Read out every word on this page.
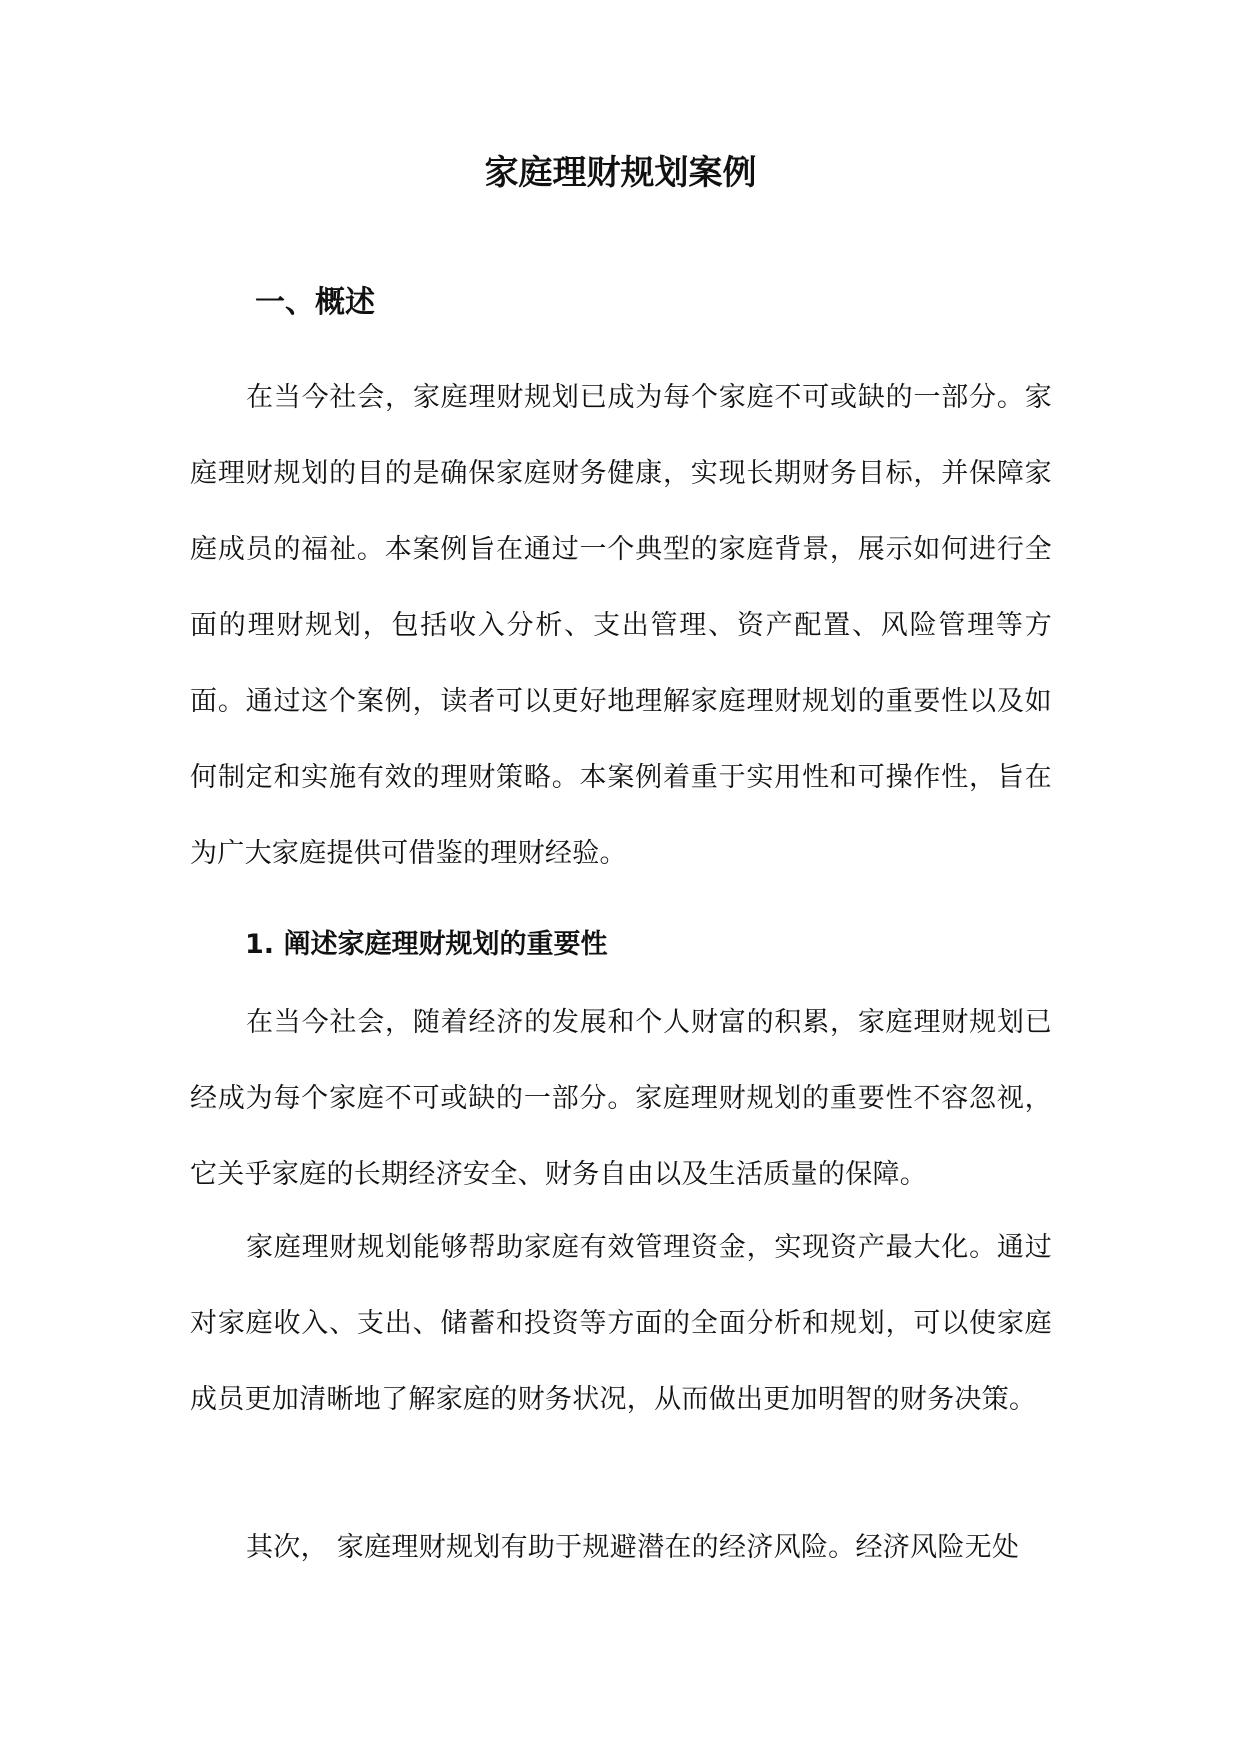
家庭理财规划案例
一、概述

在当今社会，家庭理财规划已成为每个家庭不可或缺的一部分。家庭理财规划的目的是确保家庭财务健康，实现长期财务目标，并保障家庭成员的福祉。本案例旨在通过一个典型的家庭背景，展示如何进行全面的理财规划，包括收入分析、支出管理、资产配置、风险管理等方面。通过这个案例，读者可以更好地理解家庭理财规划的重要性以及如何制定和实施有效的理财策略。本案例着重于实用性和可操作性，旨在为广大家庭提供可借鉴的理财经验。

1. 阐述家庭理财规划的重要性

在当今社会，随着经济的发展和个人财富的积累，家庭理财规划已经成为每个家庭不可或缺的一部分。家庭理财规划的重要性不容忽视，它关乎家庭的长期经济安全、财务自由以及生活质量的保障。

家庭理财规划能够帮助家庭有效管理资金，实现资产最大化。通过对家庭收入、支出、储蓄和投资等方面的全面分析和规划，可以使家庭成员更加清晰地了解家庭的财务状况，从而做出更加明智的财务决策。

其次， 家庭理财规划有助于规避潜在的经济风险。经济风险无处
